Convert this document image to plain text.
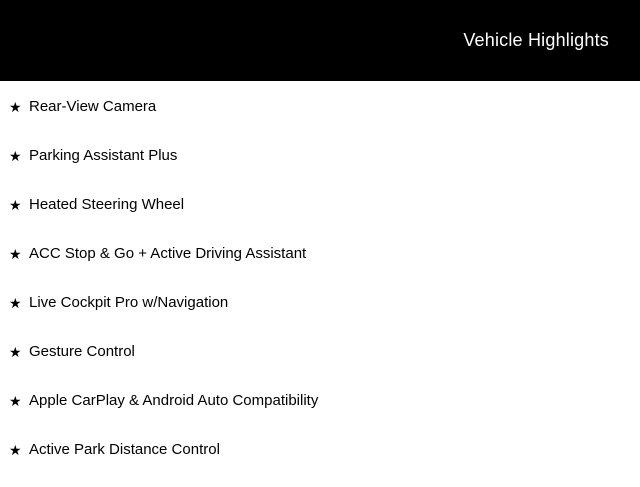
Vehicle Highlights
★ Rear-View Camera
★ Parking Assistant Plus
★ Heated Steering Wheel
★ ACC Stop & Go + Active Driving Assistant
★ Live Cockpit Pro w/Navigation
★ Gesture Control
★ Apple CarPlay & Android Auto Compatibility
★ Active Park Distance Control
